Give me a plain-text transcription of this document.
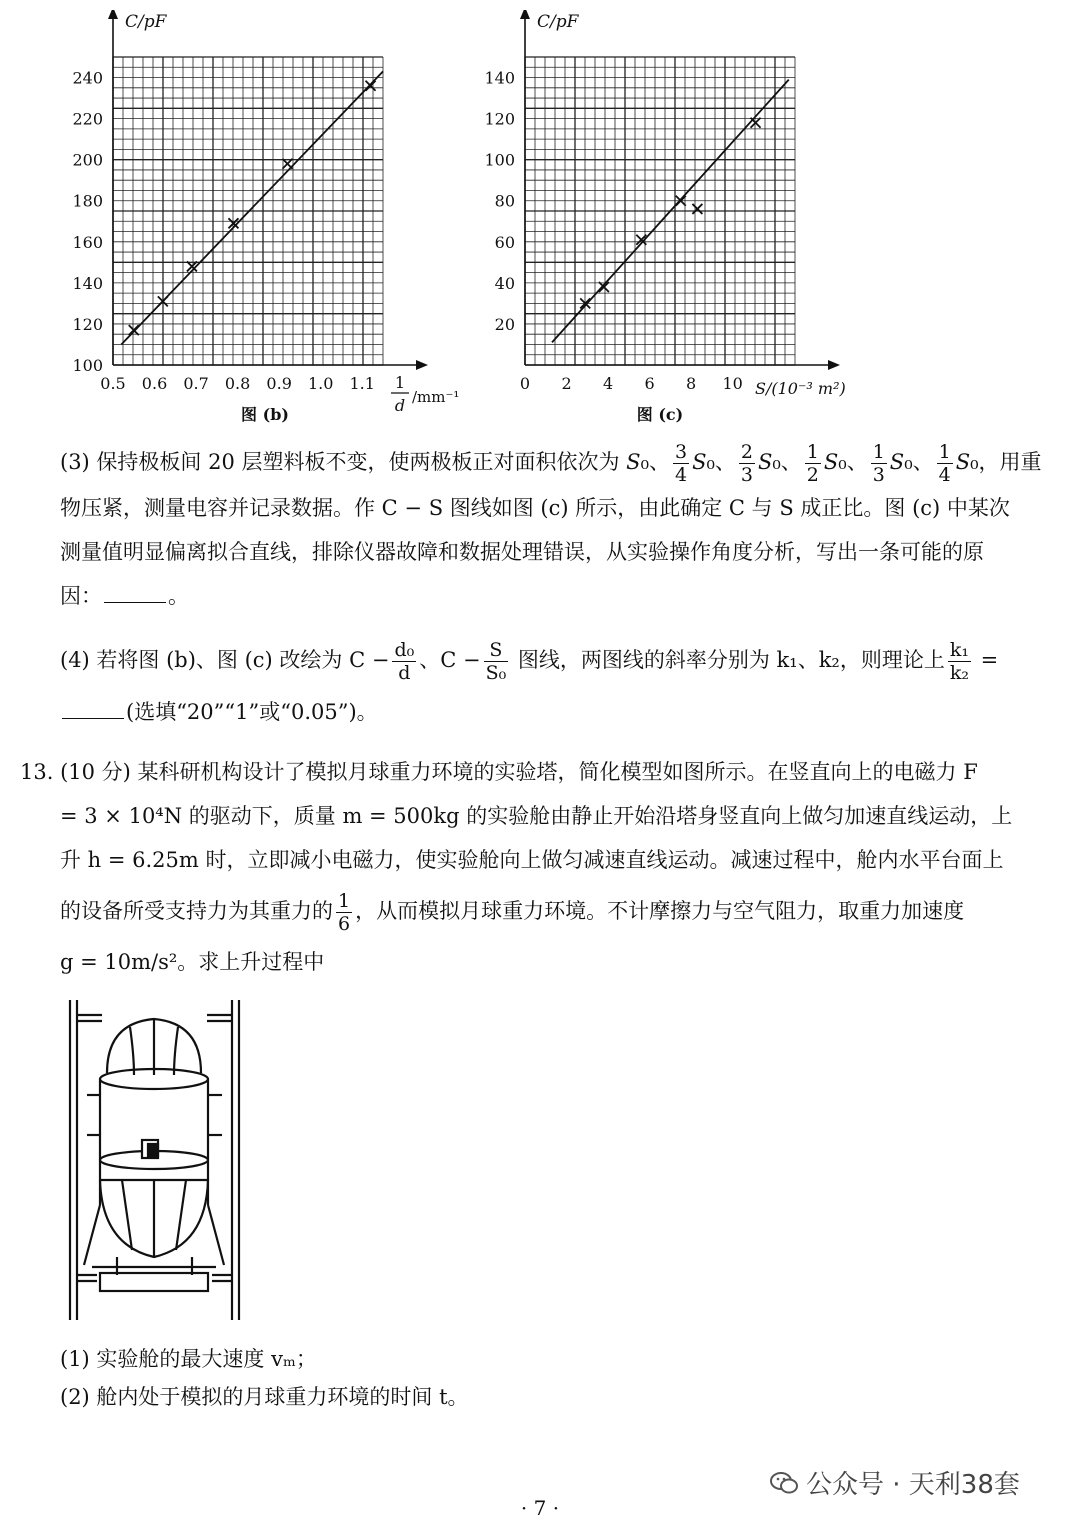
0.5 0.6 0.7 0.8 0.9 1.0 1.1
100
120
140
160
180
200
220
240
C/pF
1
d /mm⁻¹
图 (b)
0 2 4 6 8 10
20
40
60
80
100
120
140
C/pF
S/(10⁻³ m²)
图 (c)
(3) 保持极板间 20 层塑料板不变，使两极板正对面积依次为 S₀、 $\frac{3}{4} S_0$、 $\frac{2}{3} S_0$、 $\frac{1}{2} S_0$、 $\frac{1}{3} S_0$、 $\frac{1}{4} S_0$，用重
物压紧，测量电容并记录数据。作 C − S 图线如图 (c) 所示，由此确定 C 与 S 成正比。图 (c) 中某次
测量值明显偏离拟合直线，排除仪器故障和数据处理错误，从实验操作角度分析，写出一条可能的原
因：	。
(4) 若将图 (b)、图 (c) 改绘为 $C - \frac{\text{d₀}}{d}$ 、$C - \frac{S}{\text{S₀}}$ 图线，两图线的斜率分别为 k₁、k₂，则理论上 $\frac{\text{k₁}}{\text{k₂}}$ =
(选填“20”“1”或“0.05”)。
13. (10 分) 某科研机构设计了模拟月球重力环境的实验塔，简化模型如图所示。在竖直向上的电磁力 F
= 3 × 10⁴N 的驱动下，质量 m = 500kg 的实验舱由静止开始沿塔身竖直向上做匀加速直线运动，上
升 h = 6.25m 时，立即减小电磁力，使实验舱向上做匀减速直线运动。减速过程中，舱内水平台面上
的设备所受支持力为其重力的 $\frac{1}{6}$ ，从而模拟月球重力环境。不计摩擦力与空气阻力，取重力加速度
g = 10m/s²。求上升过程中
(1) 实验舱的最大速度 vₘ；
(2) 舱内处于模拟的月球重力环境的时间 t。
公众号 · 天利38套
· 7 ·
